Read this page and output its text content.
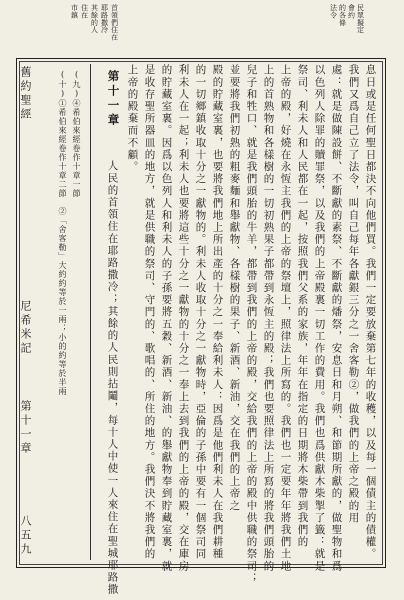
舊約聖經
尼希米記
第十一章
八五九
首領們住在
耶路撒冷
其餘的人
住在
市鎮	民眾擬定
會約
的各條
法令
息日或是任何聖日都決不向他們買。我們一定要放棄第七年的收穫，以及每一個債主的債權。
我們又爲自己立了法令，叫自己每年各獻銀三分之一舍客勒②，做我們的上帝之殿的用
處：就是做陳設餅、不斷獻的素祭、不斷獻的燔祭，安息日和月朔、和節期所獻的，做聖物和爲
以色列人除罪的贖罪祭，以及我們的上帝殿裏一切工作的費用。我們也爲供獻木柴掣了籤：就是
祭司、利未人和人民都在一起，按照我們父系的家族，年年在指定的日期將木柴帶到我們的
上帝的殿，好燒在永恆主我們的上帝的祭壇上，照律法上所寫的。我們也一定要年年將我們土地
上的首熟物和各樣樹的一切初熟果子都帶到永恆主的殿；我們也要照律法上所寫的將我們頭胎的
兒子和牲口、就是我們頭胎的牛羊，都帶到我們的上帝的殿，交給我們的上帝的殿中供職的祭司；
並要將我們初熟的粗麥麵和舉獻物、各樣樹的果子、新酒、新油，交在我們的上帝之
殿的貯藏室裏，也要將我們地上所出產的十分之一奉給利未人：因爲是他們利未人在我們耕種
的一切鄉鎮收取十分之一獻物的。利未人收取十分之一獻物時，亞倫的子孫中要有一個祭司同
利未人在一起；利未人也要將這些十分之一獻物的十分之一奉上去到我們的上帝的殿，交在庫房
的貯藏室裏。因爲以色列人和利未人的子孫要將五穀、新酒、新油、的舉獻物奉到貯藏室裏，就
是收存聖所器皿的地方，就是供職的祭司、守門的、歌唱的、所住的地方。我們決不將我們的
上帝的殿棄而不顧。
第十一章
人民的首領住在耶路撒冷；其餘的人民則拈鬮，每十人中使一人來住在聖城耶路撒
(九)④希伯來經卷作十章一節
(十)①希伯來經卷作十章二節　②「舍客勒」大約約等於一兩；小的約等於半兩
